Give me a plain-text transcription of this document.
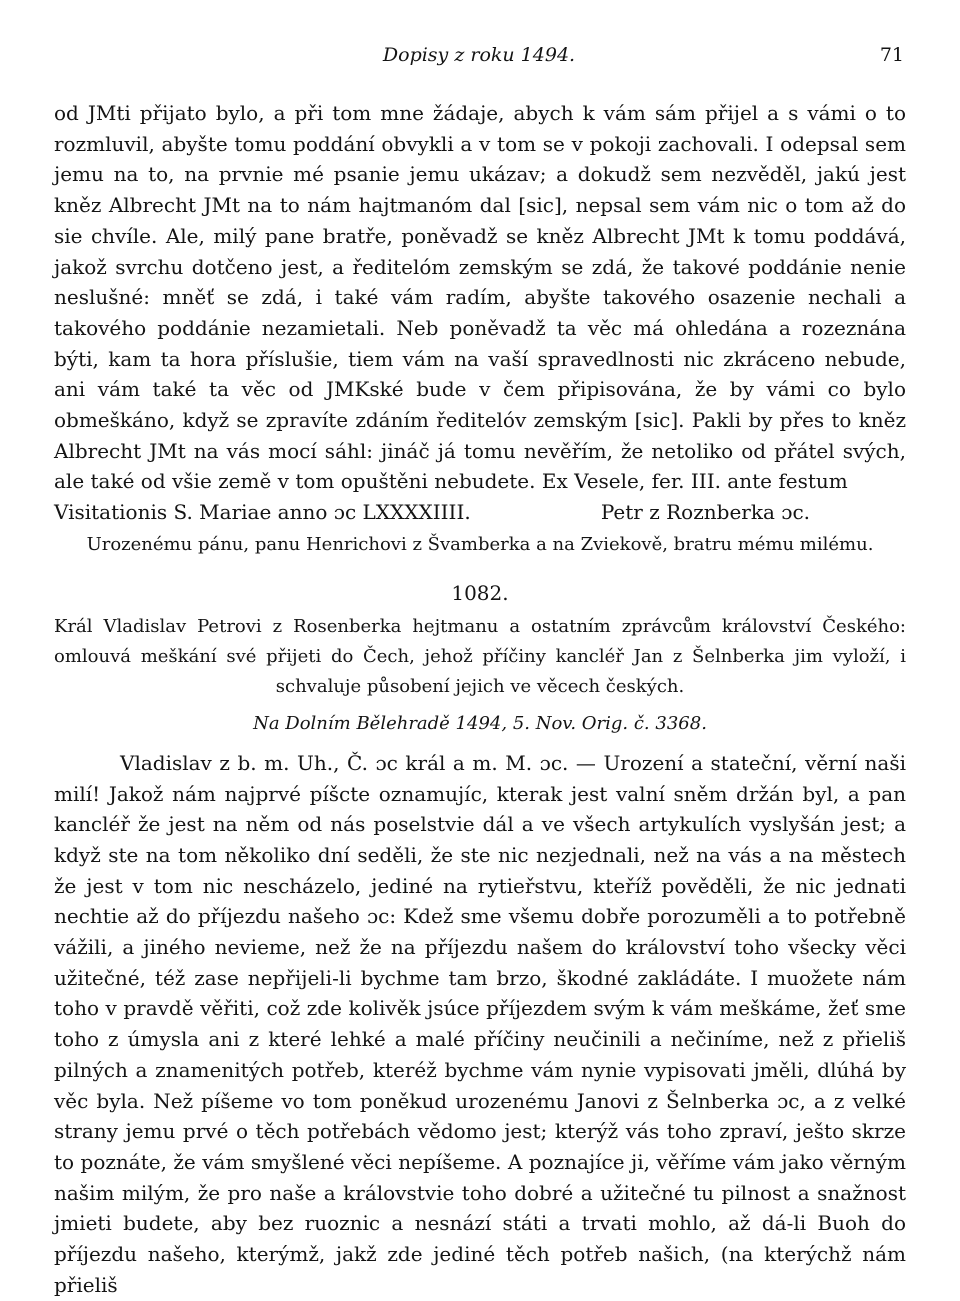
Dopisy z roku 1494.	71

od JMti přijato bylo, a při tom mne žádaje, abych k vám sám přijel a s vámi o to rozmluvil, abyšte tomu poddání obvykli a v tom se v pokoji zachovali. I odepsal sem jemu na to, na prvnie mé psanie jemu ukázav; a dokudž sem nezvěděl, jakú jest kněz Albrecht JMt na to nám hajtmanóm dal [sic], nepsal sem vám nic o tom až do sie chvíle. Ale, milý pane bratře, poněvadž se kněz Albrecht JMt k tomu poddává, jakož svrchu dotčeno jest, a ředitelóm zemským se zdá, že takové poddánie nenie neslušné: mněť se zdá, i také vám radím, abyšte takového osazenie nechali a takového poddánie nezamietali. Neb poněvadž ta věc má ohledána a rozeznána býti, kam ta hora příslušie, tiem vám na vaší spravedlnosti nic zkráceno nebude, ani vám také ta věc od JMKské bude v čem připisována, že by vámi co bylo obmeškáno, když se zpravíte zdáním ředitelóv zemským [sic]. Pakli by přes to kněz Albrecht JMt na vás mocí sáhl: jináč já tomu nevěřím, že netoliko od přátel svých, ale také od všie země v tom opuštěni nebudete. Ex Vesele, fer. III. ante festum

Visitationis S. Mariae anno ɔc LXXXXIIII.	Petr z Roznberka ɔc.

Urozenému pánu, panu Henrichovi z Švamberka a na Zviekově, bratru mému milému.

1082.

Král Vladislav Petrovi z Rosenberka hejtmanu a ostatním zprávcům království Českého: omlouvá meškání své přijeti do Čech, jehož příčiny kancléř Jan z Šelnberka jim vyloží, i schvaluje působení jejich ve věcech českých.

Na Dolním Bělehradě 1494, 5. Nov. Orig. č. 3368.

Vladislav z b. m. Uh., Č. ɔc král a m. M. ɔc. — Urození a stateční, věrní naši milí! Jakož nám najprvé píšcte oznamujíc, kterak jest valní sněm držán byl, a pan kancléř že jest na něm od nás poselstvie dál a ve všech artykulích vyslyšán jest; a když ste na tom několiko dní seděli, že ste nic nezjednali, než na vás a na městech že jest v tom nic nescházelo, jediné na rytieřstvu, kteříž pověděli, že nic jednati nechtie až do příjezdu našeho ɔc: Kdež sme všemu dobře porozuměli a to potřebně vážili, a jiného nevieme, než že na příjezdu našem do království toho všecky věci užitečné, též zase nepřijeli-li bychme tam brzo, škodné zakládáte. I muožete nám toho v pravdě věřiti, což zde kolivěk jsúce příjezdem svým k vám meškáme, žeť sme toho z úmysla ani z které lehké a malé příčiny neučinili a nečiníme, než z přieliš pilných a znamenitých potřeb, kteréž bychme vám nynie vypisovati jměli, dlúhá by věc byla. Než píšeme vo tom poněkud urozenému Janovi z Šelnberka ɔc, a z velké strany jemu prvé o těch potřebách vědomo jest; kterýž vás toho zpraví, ješto skrze to poznáte, že vám smyšlené věci nepíšeme. A poznajíce ji, věříme vám jako věrným našim milým, že pro naše a královstvie toho dobré a užitečné tu pilnost a snažnost jmieti budete, aby bez ruoznic a nesnází státi a trvati mohlo, až dá-li Buoh do příjezdu našeho, kterýmž, jakž zde jediné těch potřeb našich, (na kterýchž nám přieliš
